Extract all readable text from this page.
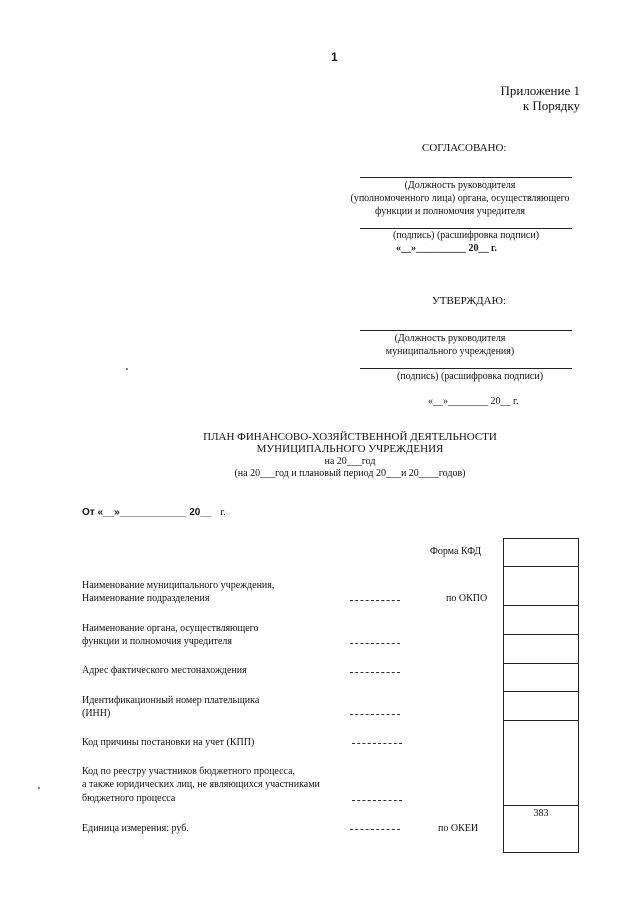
1
Приложение 1
к Порядку
СОГЛАСОВАНО:
(Должность руководителя
(уполномоченного лица) органа, осуществляющего
функции и полномочия учредителя
(подпись) (расшифровка подписи)
«__»__________ 20__ г.
УТВЕРЖДАЮ:
(Должность руководителя
муниципального учреждения)
(подпись) (расшифровка подписи)
«__»________ 20__ г.
ПЛАН ФИНАНСОВО-ХОЗЯЙСТВЕННОЙ ДЕЯТЕЛЬНОСТИ
МУНИЦИПАЛЬНОГО УЧРЕЖДЕНИЯ
на 20___год
(на 20___год и плановый период 20___и 20____годов)
От «__»____________ 20__ г.
Форма КФД
Наименование муниципального учреждения,
Наименование подразделения	по ОКПО
Наименование органа, осуществляющего
функции и полномочия учредителя
Адрес фактического местонахождения
Идентификационный номер плательщика
(ИНН)
Код причины постановки на учет (КПП)
Код по реестру участников бюджетного процесса,
а также юридических лиц, не являющихся участниками
бюджетного процесса
Единица измерения: руб.	по ОКЕИ
383
